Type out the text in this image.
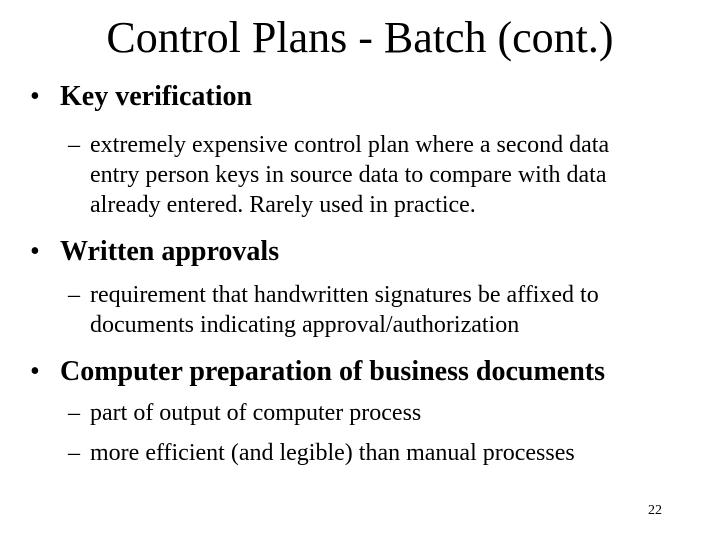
Control Plans - Batch (cont.)
• Key verification
– extremely expensive control plan where a second data
entry person keys in source data to compare with data
already entered. Rarely used in practice.
• Written approvals
– requirement that handwritten signatures be affixed to
documents indicating approval/authorization
• Computer preparation of business documents
– part of output of computer process
– more efficient (and legible) than manual processes
22
